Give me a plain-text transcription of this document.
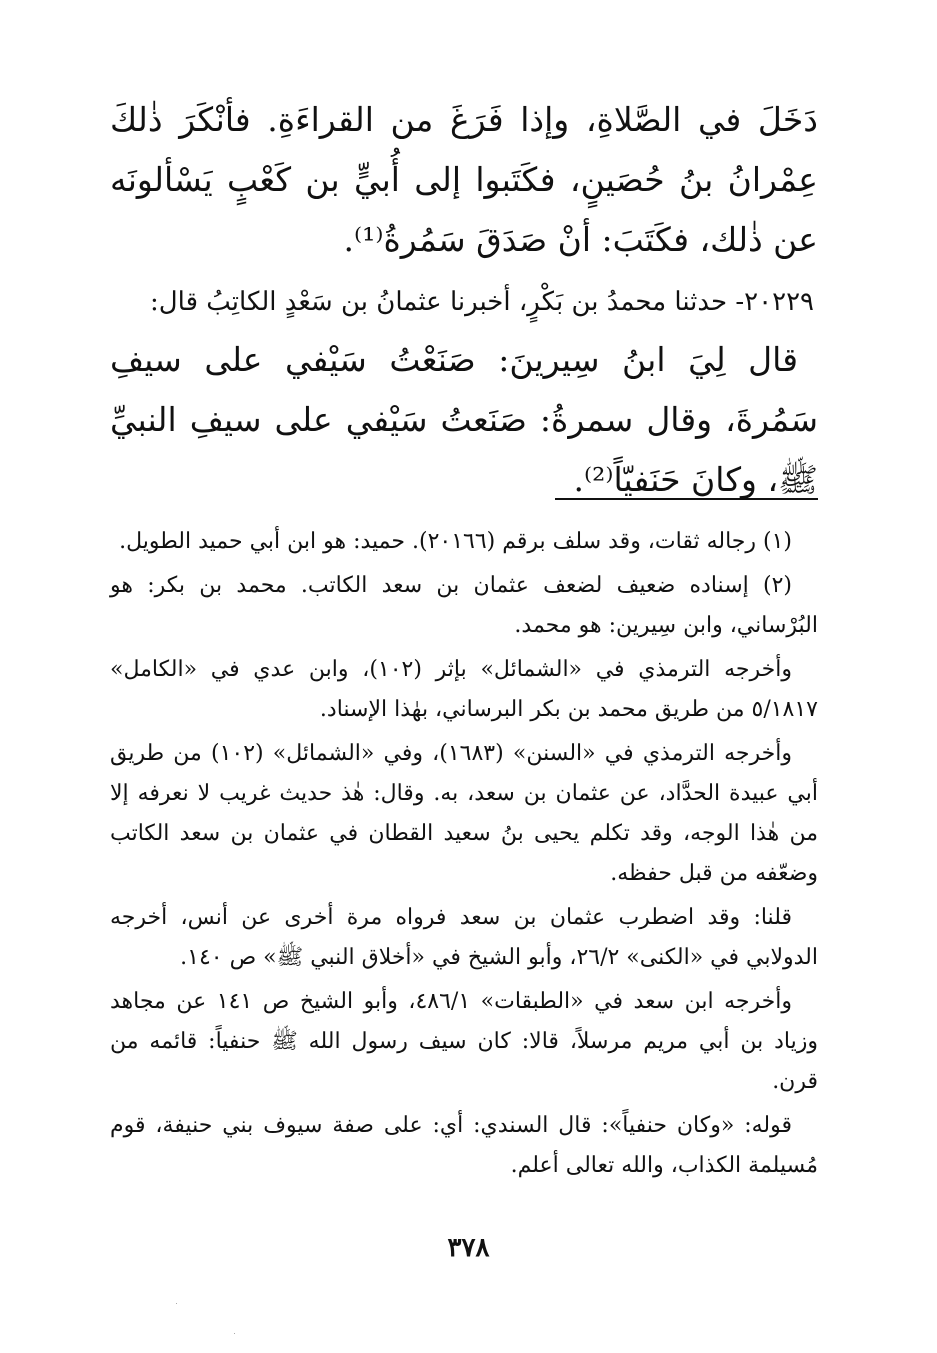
دَخَلَ في الصَّلاةِ، وإذا فَرَغَ من القراءَةِ. فأنْكَرَ ذٰلكَ عِمْرانُ بنُ حُصَينٍ، فكَتَبوا إلى أُبيٍّ بن كَعْبٍ يَسْألونَه عن ذٰلك، فكَتَبَ: أنْ صَدَقَ سَمُرةُ⁽¹⁾.

٢٠٢٢٩- حدثنا محمدُ بن بَكْرٍ، أخبرنا عثمانُ بن سَعْدٍ الكاتِبُ قال:

قال لِيَ ابنُ سِيرينَ: صَنَعْتُ سَيْفي على سيفِ سَمُرةَ، وقال سمرةُ: صَنَعتُ سَيْفي على سيفِ النبيِّ ﷺ، وكانَ حَنَفيّاً⁽²⁾.

(١) رجاله ثقات، وقد سلف برقم (٢٠١٦٦). حميد: هو ابن أبي حميد الطويل.

(٢) إسناده ضعيف لضعف عثمان بن سعد الكاتب. محمد بن بكر: هو البُرْساني، وابن سِيرين: هو محمد.

وأخرجه الترمذي في «الشمائل» بإثر (١٠٢)، وابن عدي في «الكامل» ٥/١٨١٧ من طريق محمد بن بكر البرساني، بهٰذا الإسناد.

وأخرجه الترمذي في «السنن» (١٦٨٣)، وفي «الشمائل» (١٠٢) من طريق أبي عبيدة الحدَّاد، عن عثمان بن سعد، به. وقال: هٰذ حديث غريب لا نعرفه إلا من هٰذا الوجه، وقد تكلم يحيى بنُ سعيد القطان في عثمان بن سعد الكاتب وضعّفه من قبل حفظه.

قلنا: وقد اضطرب عثمان بن سعد فرواه مرة أخرى عن أنس، أخرجه الدولابي في «الكنى» ٢٦/٢، وأبو الشيخ في «أخلاق النبي ﷺ» ص ١٤٠.

وأخرجه ابن سعد في «الطبقات» ٤٨٦/١، وأبو الشيخ ص ١٤١ عن مجاهد وزياد بن أبي مريم مرسلاً، قالا: كان سيف رسول الله ﷺ حنفياً: قائمه من قرن.

قوله: «وكان حنفياً»: قال السندي: أي: على صفة سيوف بني حنيفة، قوم مُسيلمة الكذاب، والله تعالى أعلم.

٣٧٨
